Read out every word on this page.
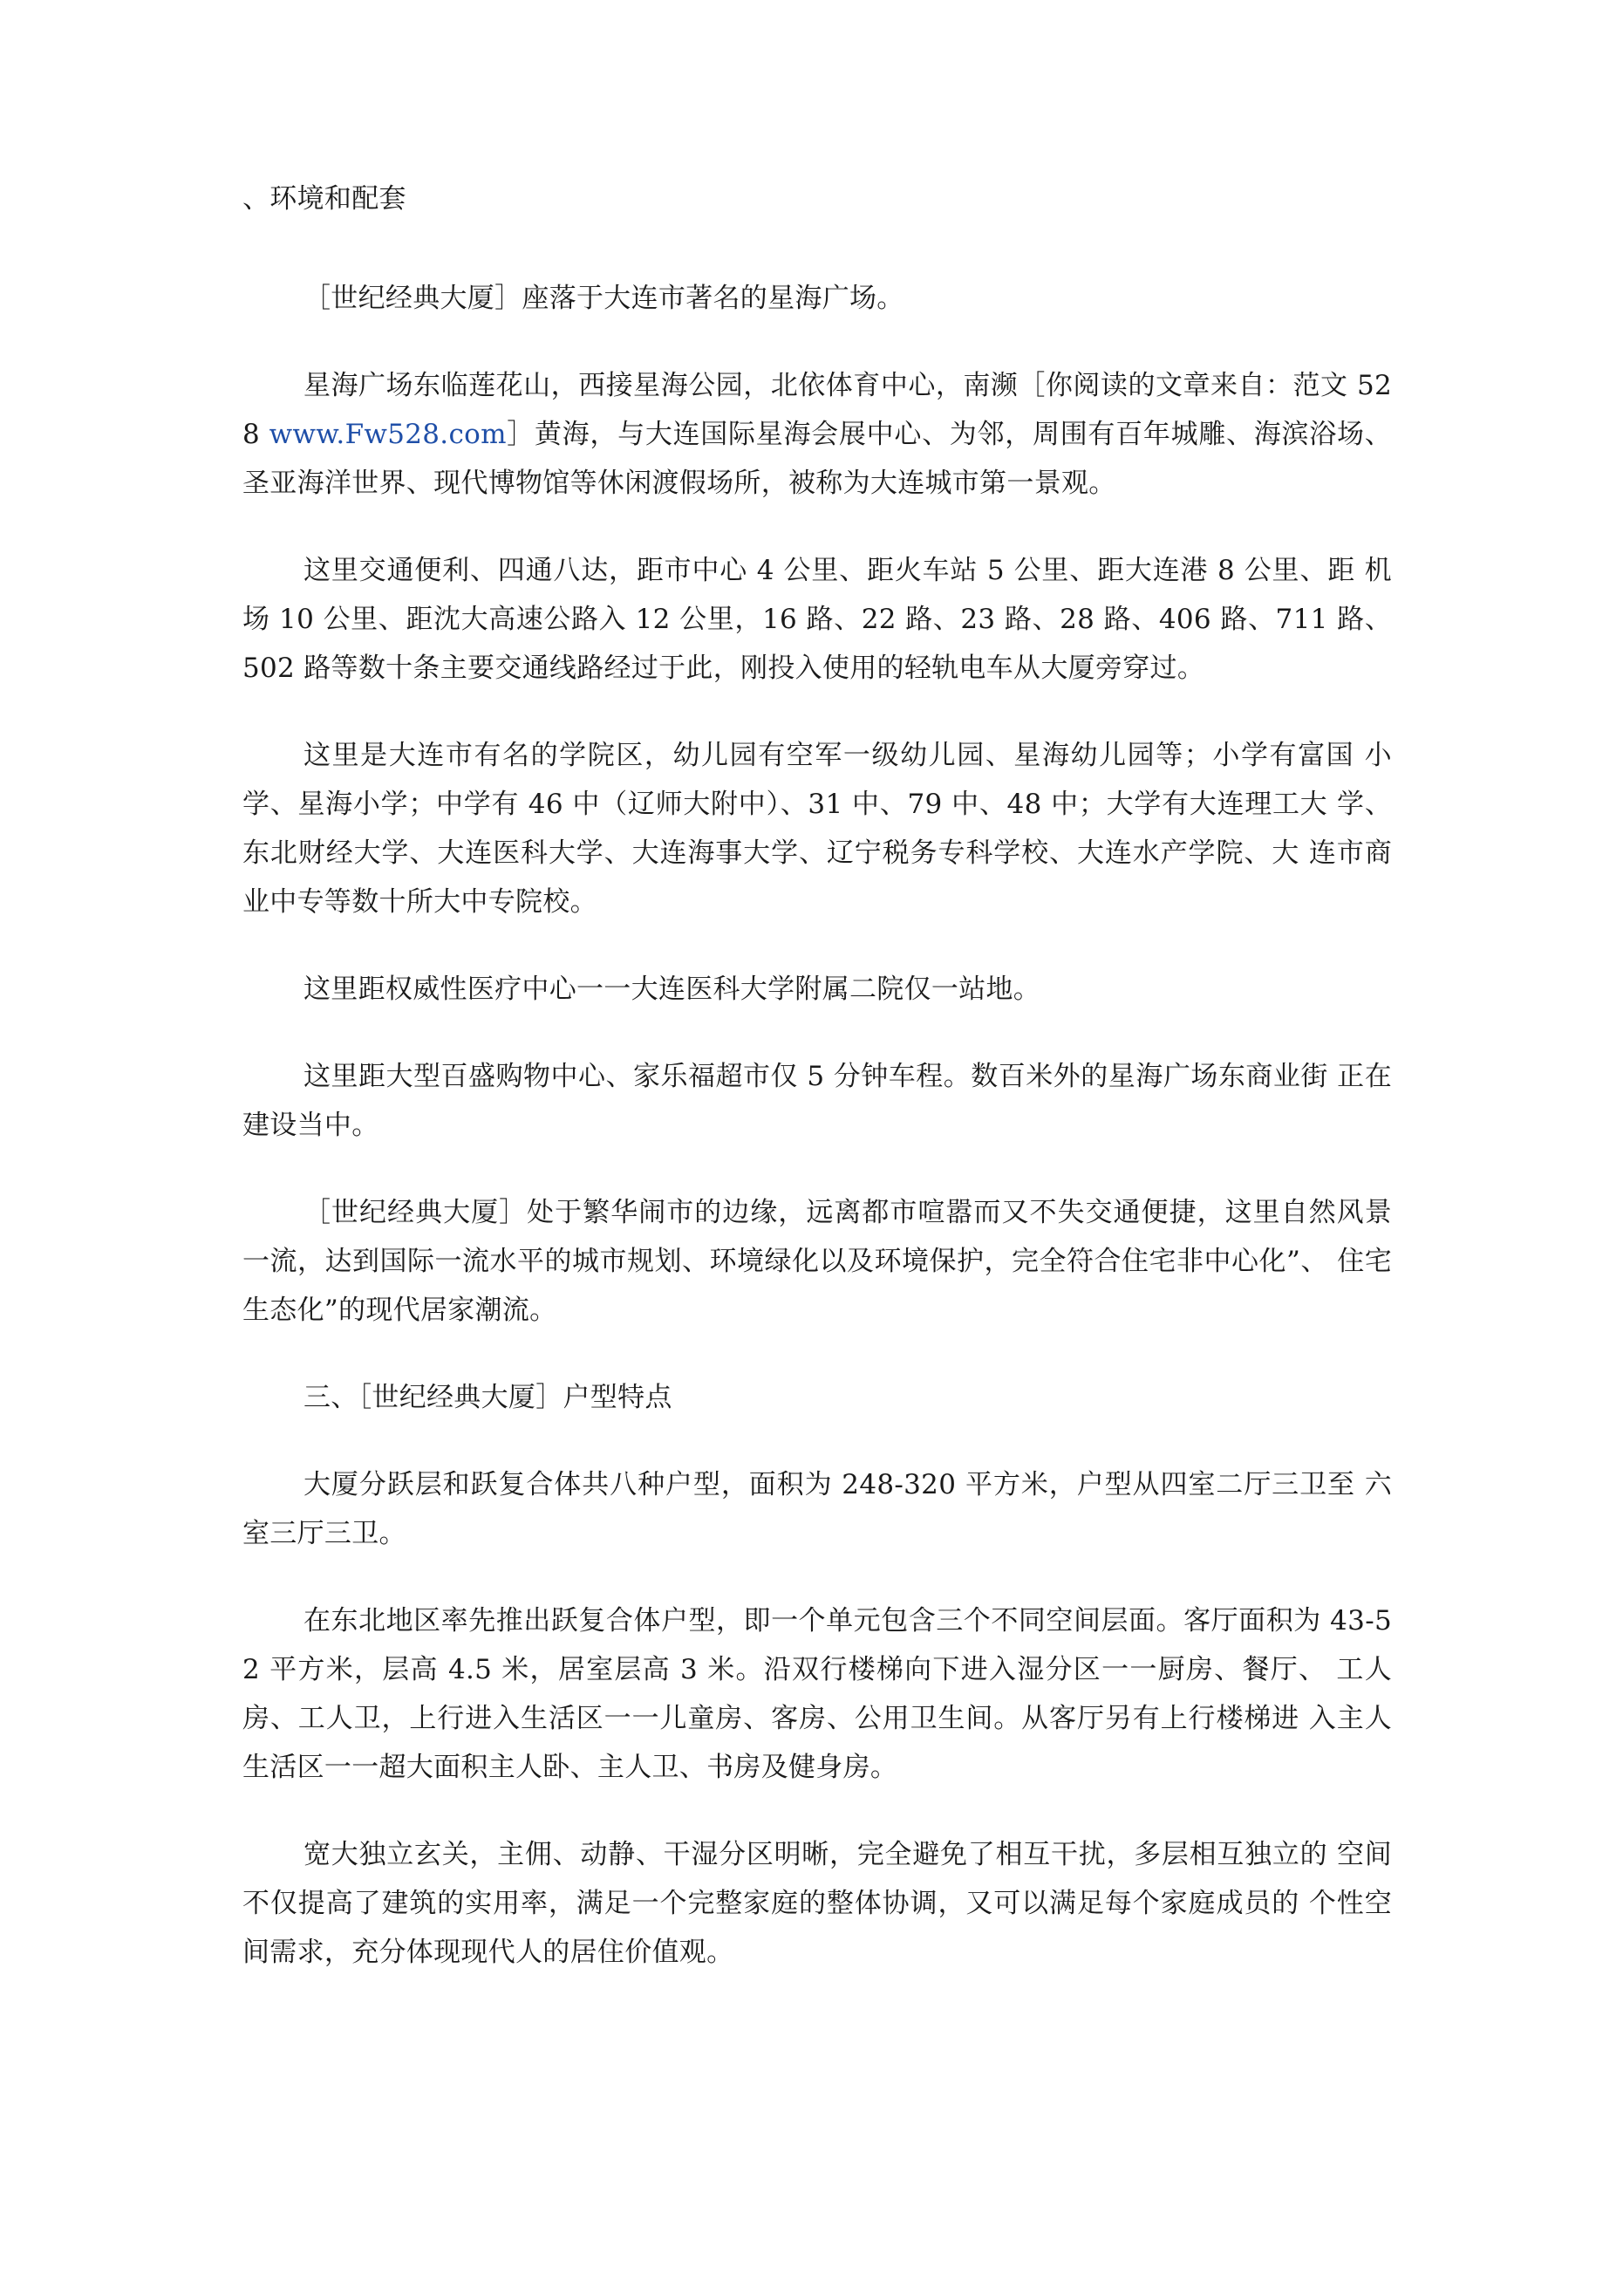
、环境和配套

［世纪经典大厦］座落于大连市著名的星海广场。

星海广场东临莲花山，西接星海公园，北依体育中心，南濒［你阅读的文章来自：范文 528 www.Fw528.com］黄海，与大连国际星海会展中心、为邻，周围有百年城雕、海滨浴场、 圣亚海洋世界、现代博物馆等休闲渡假场所，被称为大连城市第一景观。

这里交通便利、四通八达，距市中心 4 公里、距火车站 5 公里、距大连港 8 公里、距 机场 10 公里、距沈大高速公路入 12 公里，16 路、22 路、23 路、28 路、406 路、711 路、502 路等数十条主要交通线路经过于此，刚投入使用的轻轨电车从大厦旁穿过。

这里是大连市有名的学院区，幼儿园有空军一级幼儿园、星海幼儿园等；小学有富国 小学、星海小学；中学有 46 中（辽师大附中）、31 中、79 中、48 中；大学有大连理工大 学、东北财经大学、大连医科大学、大连海事大学、辽宁税务专科学校、大连水产学院、大 连市商业中专等数十所大中专院校。

这里距权威性医疗中心一一大连医科大学附属二院仅一站地。

这里距大型百盛购物中心、家乐福超市仅 5 分钟车程。数百米外的星海广场东商业街 正在建设当中。

［世纪经典大厦］处于繁华闹市的边缘，远离都市喧嚣而又不失交通便捷，这里自然风景一流，达到国际一流水平的城市规划、环境绿化以及环境保护，完全符合住宅非中心化”、 住宅生态化”的现代居家潮流。

三、［世纪经典大厦］户型特点

大厦分跃层和跃复合体共八种户型，面积为 248-320 平方米，户型从四室二厅三卫至 六室三厅三卫。

在东北地区率先推出跃复合体户型，即一个单元包含三个不同空间层面。客厅面积为 43-52 平方米，层高 4.5 米，居室层高 3 米。沿双行楼梯向下进入湿分区一一厨房、餐厅、 工人房、工人卫，上行进入生活区一一儿童房、客房、公用卫生间。从客厅另有上行楼梯进 入主人生活区一一超大面积主人卧、主人卫、书房及健身房。

宽大独立玄关，主佣、动静、干湿分区明晰，完全避免了相互干扰，多层相互独立的 空间不仅提高了建筑的实用率，满足一个完整家庭的整体协调，又可以满足每个家庭成员的 个性空间需求，充分体现现代人的居住价值观。
